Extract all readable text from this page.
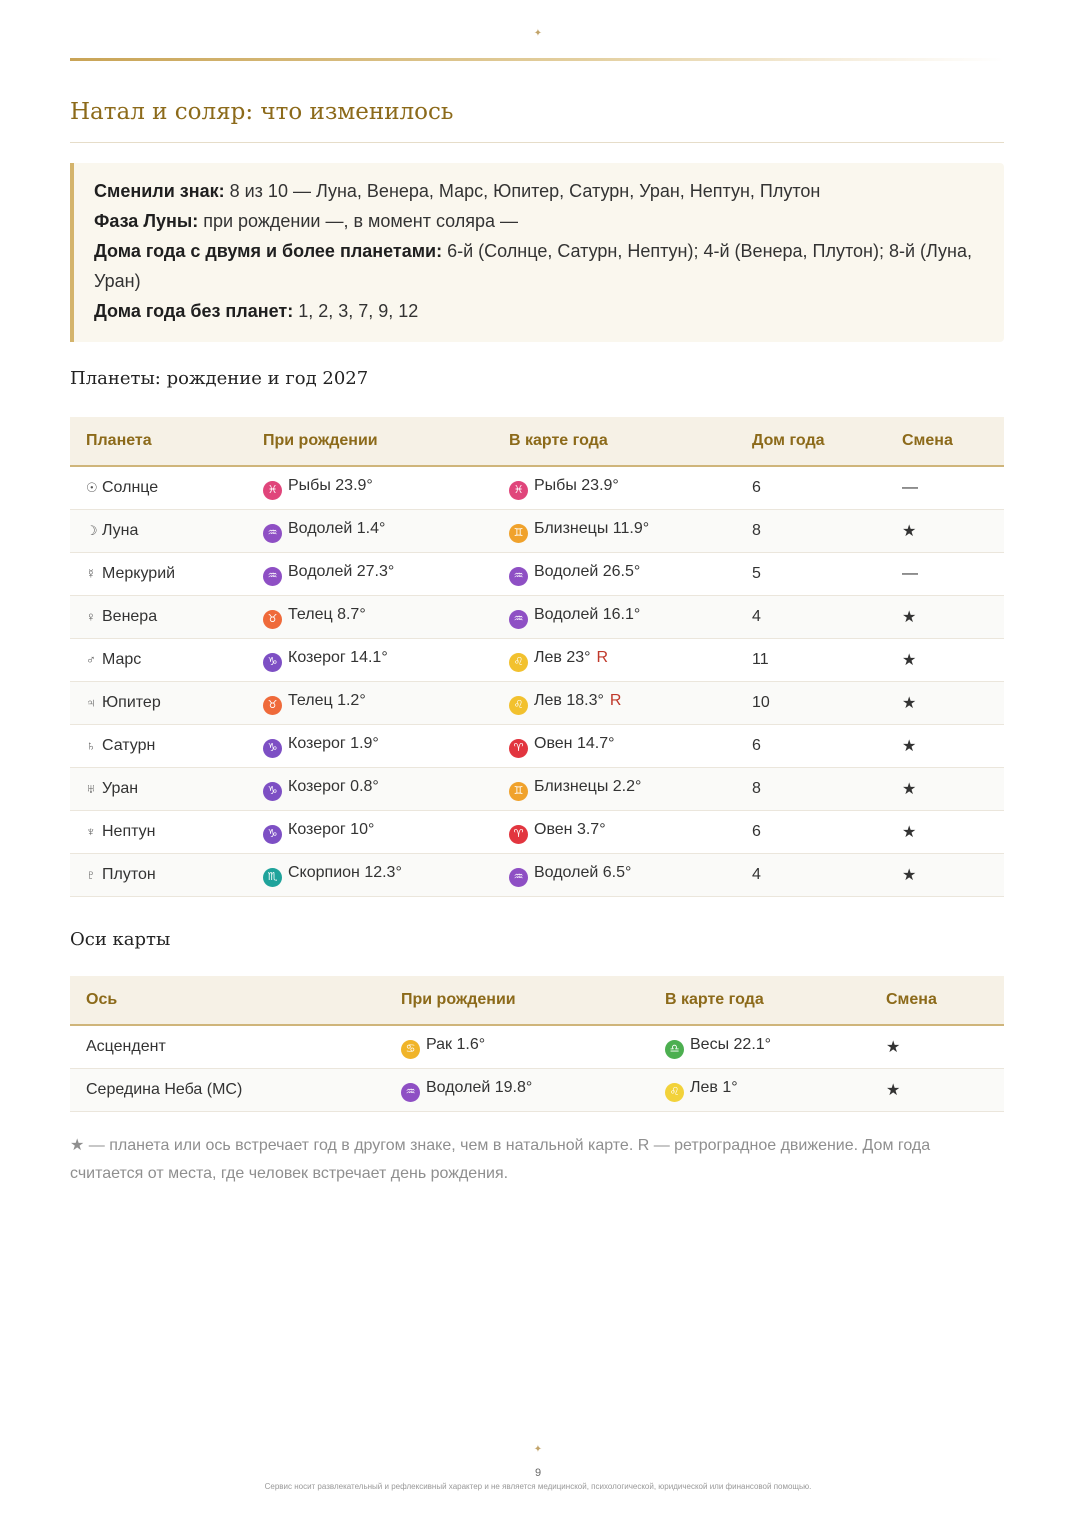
✦
Натал и соляр: что изменилось

Сменили знак: 8 из 10 — Луна, Венера, Марс, Юпитер, Сатурн, Уран, Нептун, Плутон

Фаза Луны: при рождении —, в момент соляра —

Дома года с двумя и более планетами: 6-й (Солнце, Сатурн, Нептун); 4-й (Венера, Плутон); 8-й (Луна, Уран)

Дома года без планет: 1, 2, 3, 7, 9, 12

Планеты: рождение и год 2027
Планета	При рождении	В карте года	Дом года	Смена
☉ Солнце	♓ Рыбы 23.9°	♓ Рыбы 23.9°	6	—
☽ Луна	♒ Водолей 1.4°	♊ Близнецы 11.9°	8	★
☿ Меркурий	♒ Водолей 27.3°	♒ Водолей 26.5°	5	—
♀ Венера	♉ Телец 8.7°	♒ Водолей 16.1°	4	★
♂ Марс	♑ Козерог 14.1°	♌ Лев 23° R	11	★
♃ Юпитер	♉ Телец 1.2°	♌ Лев 18.3° R	10	★
♄ Сатурн	♑ Козерог 1.9°	♈ Овен 14.7°	6	★
♅ Уран	♑ Козерог 0.8°	♊ Близнецы 2.2°	8	★
♆ Нептун	♑ Козерог 10°	♈ Овен 3.7°	6	★
♇ Плутон	♏ Скорпион 12.3°	♒ Водолей 6.5°	4	★
Оси карты
Ось	При рождении	В карте года	Смена
Асцендент	♋ Рак 1.6°	♎ Весы 22.1°	★
Середина Неба (MC)	♒ Водолей 19.8°	♌ Лев 1°	★

★ — планета или ось встречает год в другом знаке, чем в натальной карте. R — ретроградное движение. Дом года считается от места, где человек встречает день рождения.

✦
9
Сервис носит развлекательный и рефлексивный характер и не является медицинской, психологической, юридической или финансовой помощью.
